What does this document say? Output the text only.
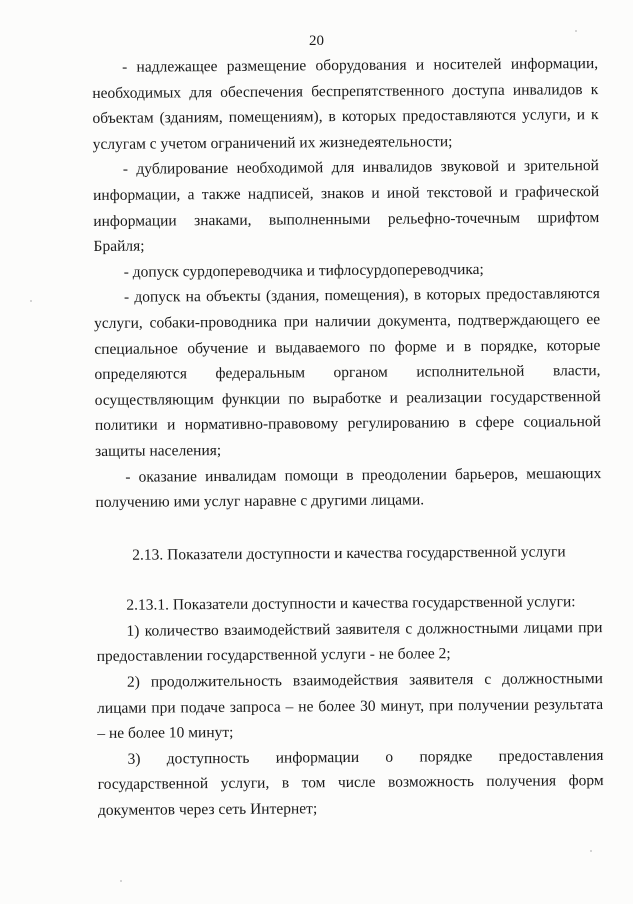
20

- надлежащее размещение оборудования и носителей информации, необходимых для обеспечения беспрепятственного доступа инвалидов к объектам (зданиям, помещениям), в которых предоставляются услуги, и к услугам с учетом ограничений их жизнедеятельности;

- дублирование необходимой для инвалидов звуковой и зрительной информации, а также надписей, знаков и иной текстовой и графической информации знаками, выполненными рельефно-точечным шрифтом Брайля;

- допуск сурдопереводчика и тифлосурдопереводчика;

- допуск на объекты (здания, помещения), в которых предоставляются услуги, собаки-проводника при наличии документа, подтверждающего ее специальное обучение и выдаваемого по форме и в порядке, которые определяются федеральным органом исполнительной власти, осуществляющим функции по выработке и реализации государственной политики и нормативно-правовому регулированию в сфере социальной защиты населения;

- оказание инвалидам помощи в преодолении барьеров, мешающих получению ими услуг наравне с другими лицами.

2.13. Показатели доступности и качества государственной услуги

2.13.1. Показатели доступности и качества государственной услуги:

1) количество взаимодействий заявителя с должностными лицами при предоставлении государственной услуги - не более 2;

2) продолжительность взаимодействия заявителя с должностными лицами при подаче запроса – не более 30 минут, при получении результата – не более 10 минут;

3) доступность информации о порядке предоставления государственной услуги, в том числе возможность получения форм документов через сеть Интернет;
